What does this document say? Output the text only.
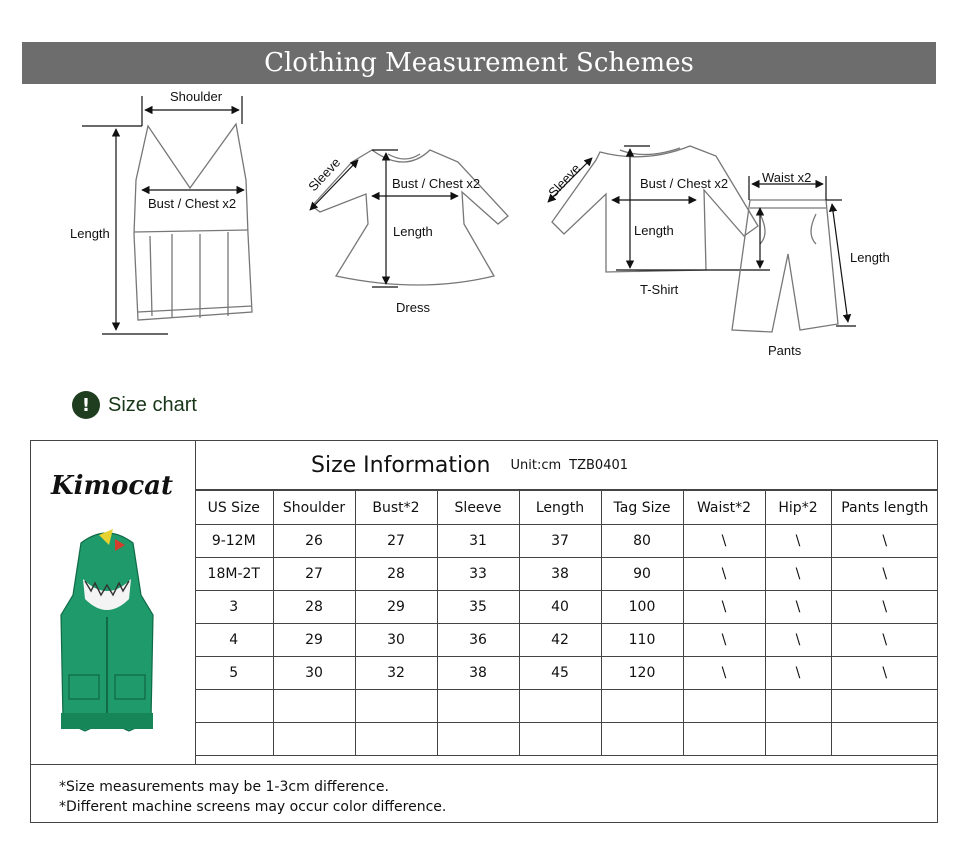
Clothing Measurement Schemes
Shoulder
Bust / Chest x2
Length
Sleeve	Bust / Chest x2
Length
Dress
Sleeve	Bust / Chest x2
Length
T-Shirt
Waist x2
Length
Pants
! Size chart
Kimocat
Size Information Unit:cm TZB0401
US Size	Shoulder	Bust*2	Sleeve	Length	Tag Size	Waist*2	Hip*2	Pants length
9-12M	26	27	31	37	80	\	\	\
18M-2T	27	28	33	38	90	\	\	\
3	28	29	35	40	100	\	\	\
4	29	30	36	42	110	\	\	\
5	30	32	38	45	120	\	\	\

*Size measurements may be 1-3cm difference.
*Different machine screens may occur color difference.
